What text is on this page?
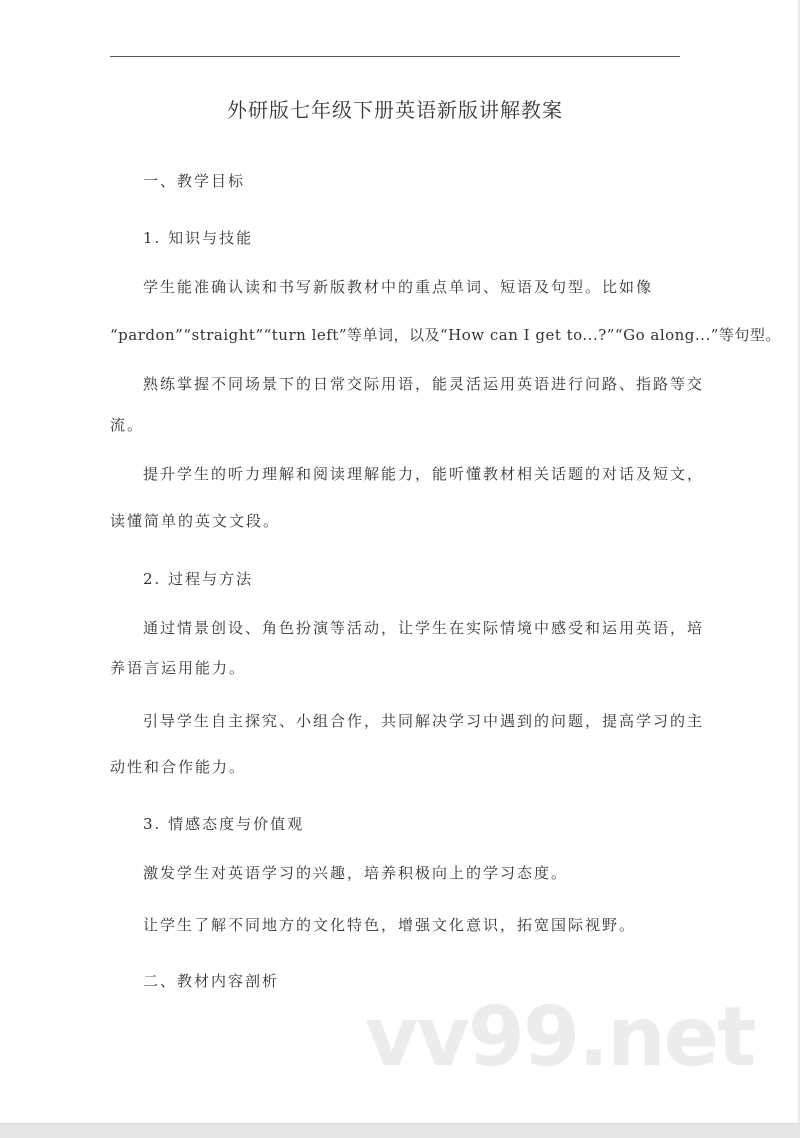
外研版七年级下册英语新版讲解教案
一、教学目标
1. 知识与技能
学生能准确认读和书写新版教材中的重点单词、短语及句型。比如像
“pardon”“straight”“turn left”等单词，以及“How can I get to...?”“Go along...”等句型。
熟练掌握不同场景下的日常交际用语，能灵活运用英语进行问路、指路等交
流。
提升学生的听力理解和阅读理解能力，能听懂教材相关话题的对话及短文，
读懂简单的英文文段。
2. 过程与方法
通过情景创设、角色扮演等活动，让学生在实际情境中感受和运用英语，培
养语言运用能力。
引导学生自主探究、小组合作，共同解决学习中遇到的问题，提高学习的主
动性和合作能力。
3. 情感态度与价值观
激发学生对英语学习的兴趣，培养积极向上的学习态度。
让学生了解不同地方的文化特色，增强文化意识，拓宽国际视野。
二、教材内容剖析
vv99.net
